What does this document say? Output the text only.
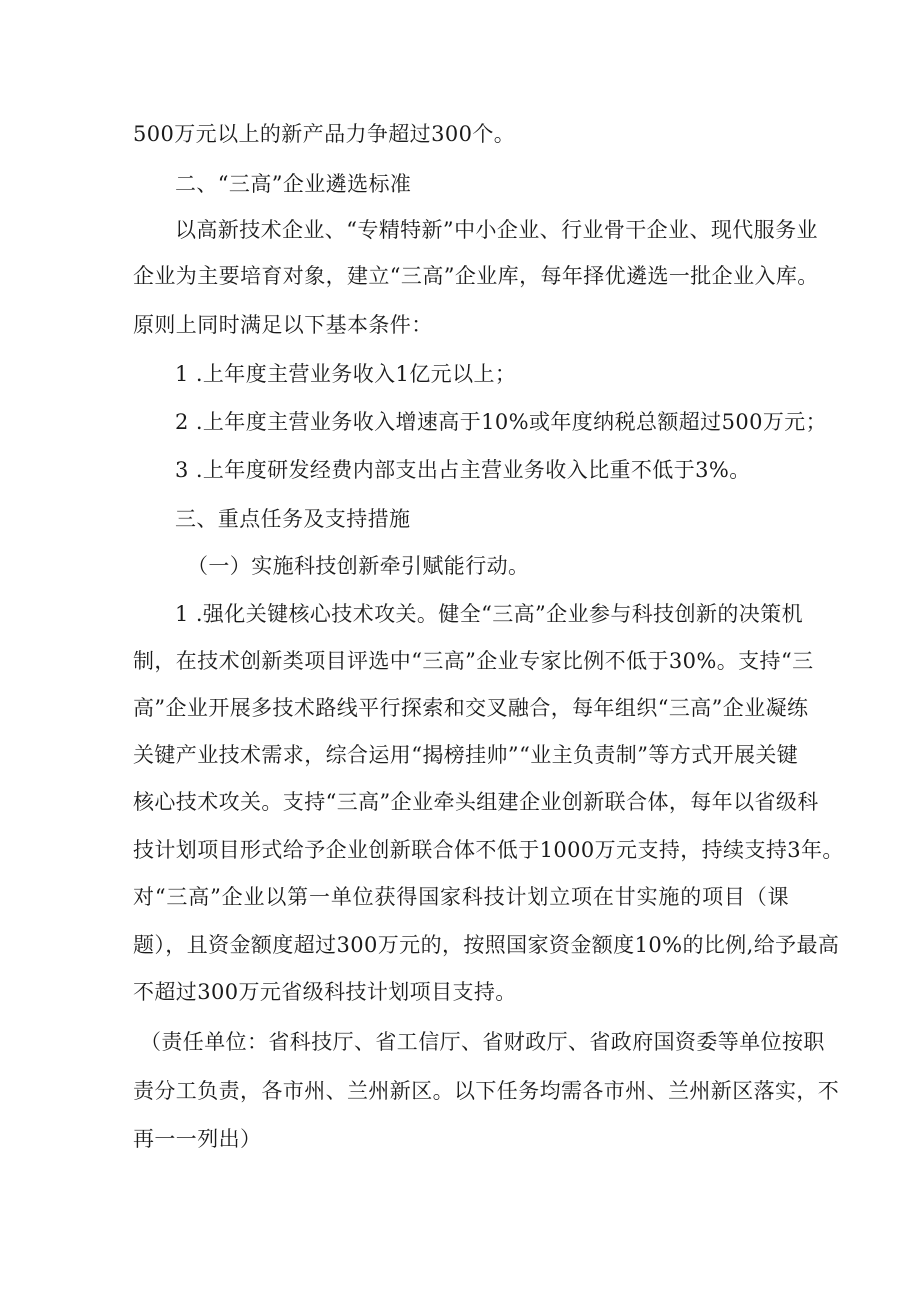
500万元以上的新产品力争超过300个。
二、“三高”企业遴选标准
以高新技术企业、“专精特新”中小企业、行业骨干企业、现代服务业
企业为主要培育对象，建立“三高”企业库，每年择优遴选一批企业入库。
原则上同时满足以下基本条件：
1 .上年度主营业务收入1亿元以上；
2 .上年度主营业务收入增速高于10%或年度纳税总额超过500万元；
3 .上年度研发经费内部支出占主营业务收入比重不低于3%。
三、重点任务及支持措施
（一）实施科技创新牵引赋能行动。
1 .强化关键核心技术攻关。健全“三高”企业参与科技创新的决策机
制，在技术创新类项目评选中“三高”企业专家比例不低于30%。支持“三
高”企业开展多技术路线平行探索和交叉融合，每年组织“三高”企业凝练
关键产业技术需求，综合运用“揭榜挂帅”“业主负责制”等方式开展关键
核心技术攻关。支持“三高”企业牵头组建企业创新联合体，每年以省级科
技计划项目形式给予企业创新联合体不低于1000万元支持，持续支持3年。
对“三高”企业以第一单位获得国家科技计划立项在甘实施的项目（课
题），且资金额度超过300万元的，按照国家资金额度10%的比例,给予最高
不超过300万元省级科技计划项目支持。
（责任单位：省科技厅、省工信厅、省财政厅、省政府国资委等单位按职
责分工负责，各市州、兰州新区。以下任务均需各市州、兰州新区落实，不
再一一列出）
